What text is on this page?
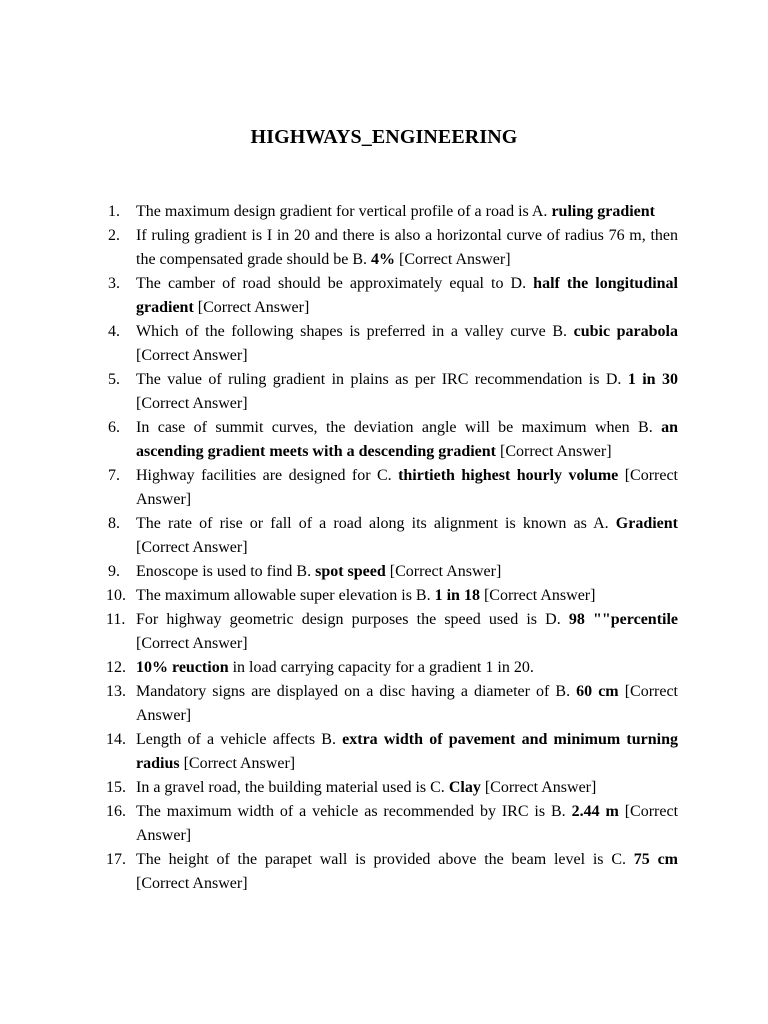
HIGHWAYS_ENGINEERING
1. The maximum design gradient for vertical profile of a road is A. ruling gradient
2. If ruling gradient is I in 20 and there is also a horizontal curve of radius 76 m, then the compensated grade should be B. 4% [Correct Answer]
3. The camber of road should be approximately equal to D. half the longitudinal gradient [Correct Answer]
4. Which of the following shapes is preferred in a valley curve B. cubic parabola [Correct Answer]
5. The value of ruling gradient in plains as per IRC recommendation is D. 1 in 30 [Correct Answer]
6. In case of summit curves, the deviation angle will be maximum when B. an ascending gradient meets with a descending gradient [Correct Answer]
7. Highway facilities are designed for C. thirtieth highest hourly volume [Correct Answer]
8. The rate of rise or fall of a road along its alignment is known as A. Gradient [Correct Answer]
9. Enoscope is used to find B. spot speed [Correct Answer]
10. The maximum allowable super elevation is B. 1 in 18 [Correct Answer]
11. For highway geometric design purposes the speed used is D. 98 ""percentile [Correct Answer]
12. 10% reuction in load carrying capacity for a gradient 1 in 20.
13. Mandatory signs are displayed on a disc having a diameter of B. 60 cm [Correct Answer]
14. Length of a vehicle affects B. extra width of pavement and minimum turning radius [Correct Answer]
15. In a gravel road, the building material used is C. Clay [Correct Answer]
16. The maximum width of a vehicle as recommended by IRC is B. 2.44 m [Correct Answer]
17. The height of the parapet wall is provided above the beam level is C. 75 cm [Correct Answer]
